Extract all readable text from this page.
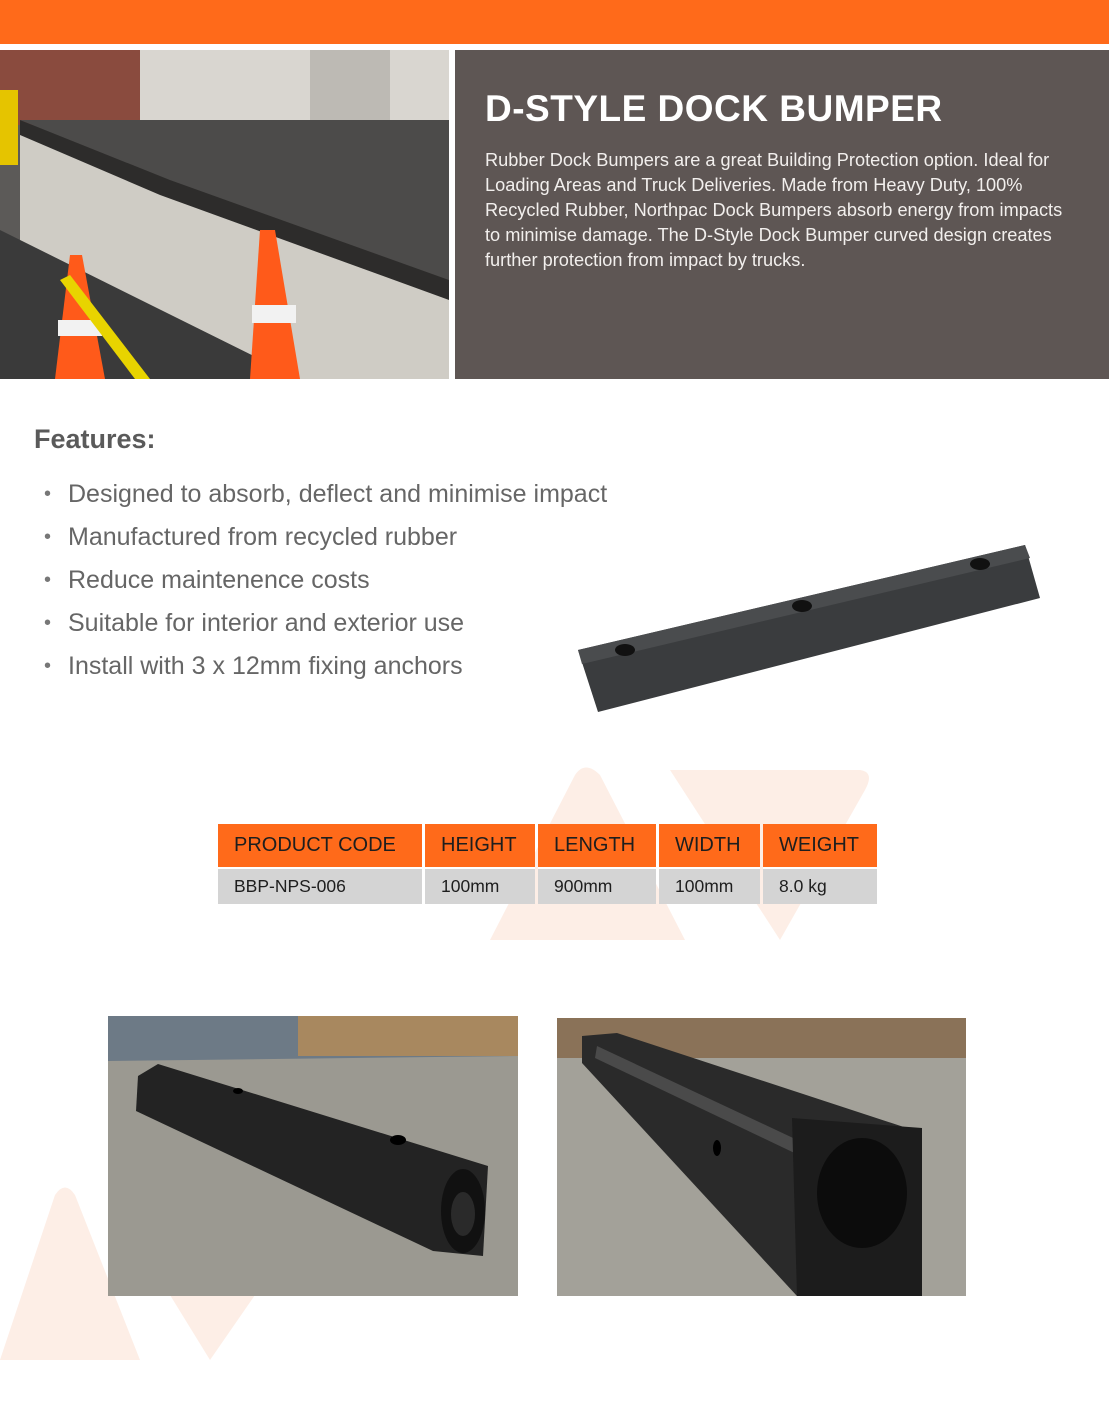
D-STYLE DOCK BUMPER

Rubber Dock Bumpers are a great Building Protection option. Ideal for Loading Areas and Truck Deliveries. Made from Heavy Duty, 100% Recycled Rubber, Northpac Dock Bumpers absorb energy from impacts to minimise damage. The D-Style Dock Bumper curved design creates further protection from impact by trucks.

Features:
• Designed to absorb, deflect and minimise impact
• Manufactured from recycled rubber
• Reduce maintenence costs
• Suitable for interior and exterior use
• Install with 3 x 12mm fixing anchors
PRODUCT CODE	HEIGHT	LENGTH	WIDTH	WEIGHT
BBP-NPS-006	100mm	900mm	100mm	8.0 kg
